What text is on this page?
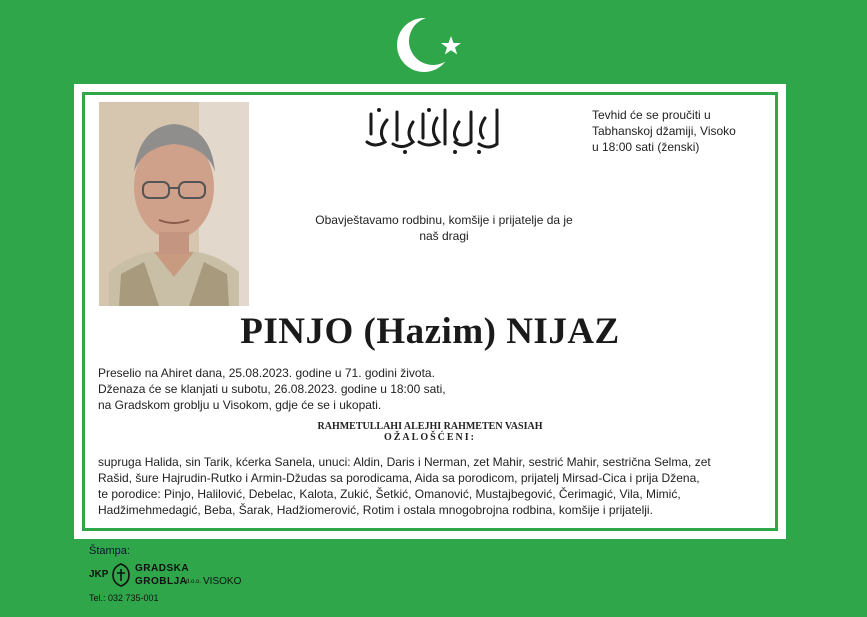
Tevhid će se proučiti u
Tabhanskoj džamiji, Visoko
u 18:00 sati (ženski)
Obavještavamo rodbinu, komšije i prijatelje da je
naš dragi
PINJO (Hazim) NIJAZ
Preselio na Ahiret dana, 25.08.2023. godine u 71. godini života.
Dženaza će se klanjati u subotu, 26.08.2023. godine u 18:00 sati,
na Gradskom groblju u Visokom, gdje će se i ukopati.
RAHMETULLAHI ALEJHI RAHMETEN VASIAH
OŽALOŠĆENI:
supruga Halida, sin Tarik, kćerka Sanela, unuci: Aldin, Daris i Nerman, zet Mahir, sestrić Mahir, sestrična Selma, zet
Rašid, šure Hajrudin-Rutko i Armin-Džudas sa porodicama, Aida sa porodicom, prijatelj Mirsad-Cica i prija Džena,
te porodice: Pinjo, Halilović, Debelac, Kalota, Zukić, Šetkić, Omanović, Mustajbegović, Čerimagić, Vila, Mimić,
Hadžimehmedagić, Beba, Šarak, Hadžiomerović, Rotim i ostala mnogobrojna rodbina, komšije i prijatelji.
Štampa:
JKP
GRADSKA
GROBLJA
d.o.o. VISOKO
Tel.: 032 735-001
